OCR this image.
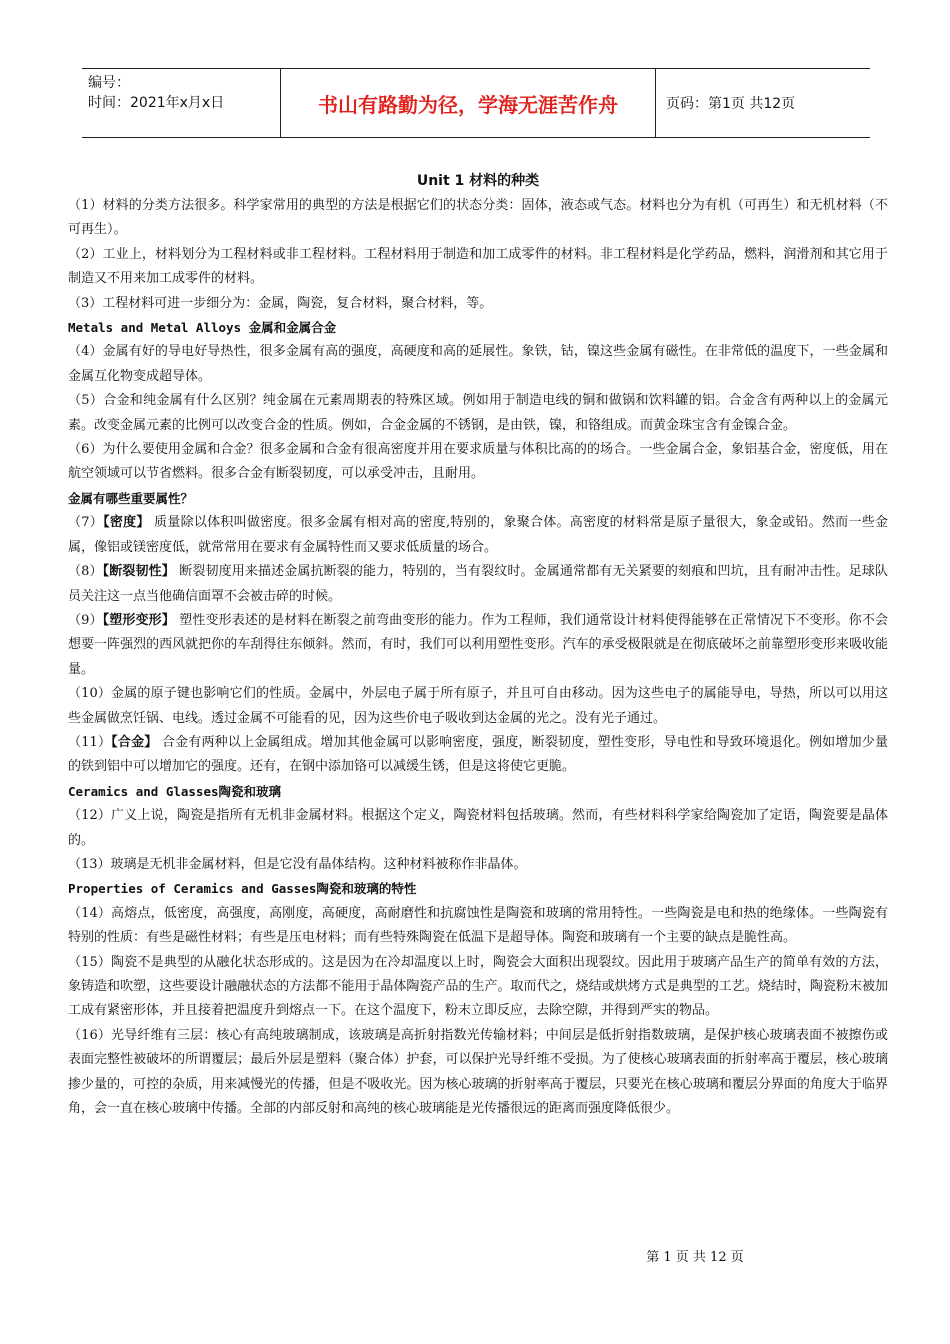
编号：
时间：2021年x月x日	书山有路勤为径，学海无涯苦作舟	页码：第1页 共12页
Unit 1 材料的种类

（1）材料的分类方法很多。科学家常用的典型的方法是根据它们的状态分类：固体，液态或气态。材料也分为有机（可再生）和无机材料（不可再生）。

（2）工业上，材料划分为工程材料或非工程材料。工程材料用于制造和加工成零件的材料。非工程材料是化学药品，燃料，润滑剂和其它用于制造又不用来加工成零件的材料。

（3）工程材料可进一步细分为：金属，陶瓷，复合材料，聚合材料，等。

Metals and Metal Alloys 金属和金属合金

（4）金属有好的导电好导热性，很多金属有高的强度，高硬度和高的延展性。象铁，钴，镍这些金属有磁性。在非常低的温度下，一些金属和金属互化物变成超导体。

（5）合金和纯金属有什么区别？纯金属在元素周期表的特殊区域。例如用于制造电线的铜和做锅和饮料罐的铝。合金含有两种以上的金属元素。改变金属元素的比例可以改变合金的性质。例如，合金金属的不锈钢，是由铁，镍，和铬组成。而黄金珠宝含有金镍合金。

（6）为什么要使用金属和合金？很多金属和合金有很高密度并用在要求质量与体积比高的的场合。一些金属合金，象铝基合金，密度低，用在航空领域可以节省燃料。很多合金有断裂韧度，可以承受冲击，且耐用。

金属有哪些重要属性？

（7）【密度】 质量除以体积叫做密度。很多金属有相对高的密度,特别的，象聚合体。高密度的材料常是原子量很大，象金或铅。然而一些金属，像铝或镁密度低，就常常用在要求有金属特性而又要求低质量的场合。

（8）【断裂韧性】 断裂韧度用来描述金属抗断裂的能力，特别的，当有裂纹时。金属通常都有无关紧要的刻痕和凹坑，且有耐冲击性。足球队员关注这一点当他确信面罩不会被击碎的时候。

（9）【塑形变形】 塑性变形表述的是材料在断裂之前弯曲变形的能力。作为工程师，我们通常设计材料使得能够在正常情况下不变形。你不会想要一阵强烈的西风就把你的车刮得往东倾斜。然而，有时，我们可以利用塑性变形。汽车的承受极限就是在彻底破坏之前靠塑形变形来吸收能量。

（10）金属的原子键也影响它们的性质。金属中，外层电子属于所有原子，并且可自由移动。因为这些电子的属能导电，导热，所以可以用这些金属做烹饪锅、电线。透过金属不可能看的见，因为这些价电子吸收到达金属的光之。没有光子通过。

（11）【合金】 合金有两种以上金属组成。增加其他金属可以影响密度，强度，断裂韧度，塑性变形，导电性和导致环境退化。例如增加少量的铁到铝中可以增加它的强度。还有，在钢中添加铬可以减缓生锈，但是这将使它更脆。

Ceramics and Glasses陶瓷和玻璃

（12）广义上说，陶瓷是指所有无机非金属材料。根据这个定义，陶瓷材料包括玻璃。然而，有些材料科学家给陶瓷加了定语，陶瓷要是晶体的。

（13）玻璃是无机非金属材料，但是它没有晶体结构。这种材料被称作非晶体。

Properties of Ceramics and Gasses陶瓷和玻璃的特性

（14）高熔点，低密度，高强度，高刚度，高硬度，高耐磨性和抗腐蚀性是陶瓷和玻璃的常用特性。一些陶瓷是电和热的绝缘体。一些陶瓷有特别的性质：有些是磁性材料；有些是压电材料；而有些特殊陶瓷在低温下是超导体。陶瓷和玻璃有一个主要的缺点是脆性高。

（15）陶瓷不是典型的从融化状态形成的。这是因为在冷却温度以上时，陶瓷会大面积出现裂纹。因此用于玻璃产品生产的简单有效的方法，象铸造和吹塑，这些要设计融融状态的方法都不能用于晶体陶瓷产品的生产。取而代之，烧结或烘烤方式是典型的工艺。烧结时，陶瓷粉末被加工成有紧密形体，并且接着把温度升到熔点一下。在这个温度下，粉末立即反应，去除空隙，并得到严实的物品。

（16）光导纤维有三层：核心有高纯玻璃制成，该玻璃是高折射指数光传输材料；中间层是低折射指数玻璃，是保护核心玻璃表面不被擦伤或表面完整性被破坏的所谓覆层；最后外层是塑料（聚合体）护套，可以保护光导纤维不受损。为了使核心玻璃表面的折射率高于覆层，核心玻璃掺少量的，可控的杂质，用来减慢光的传播，但是不吸收光。因为核心玻璃的折射率高于覆层，只要光在核心玻璃和覆层分界面的角度大于临界角，会一直在核心玻璃中传播。全部的内部反射和高纯的核心玻璃能是光传播很远的距离而强度降低很少。

第 1 页 共 12 页
